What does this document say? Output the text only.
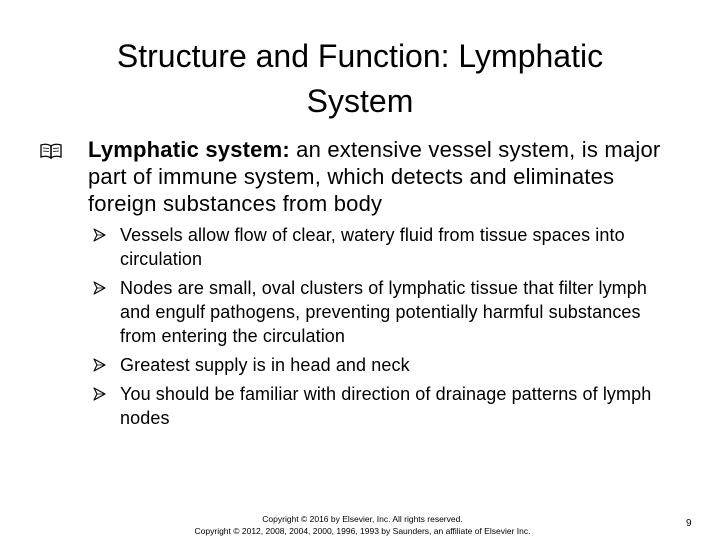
Structure and Function: Lymphatic System
Lymphatic system: an extensive vessel system, is major part of immune system, which detects and eliminates foreign substances from body
Vessels allow flow of clear, watery fluid from tissue spaces into circulation
Nodes are small, oval clusters of lymphatic tissue that filter lymph and engulf pathogens, preventing potentially harmful substances from entering the circulation
Greatest supply is in head and neck
You should be familiar with direction of drainage patterns of lymph nodes
Copyright © 2016 by Elsevier, Inc. All rights reserved.
Copyright © 2012, 2008, 2004, 2000, 1996, 1993 by Saunders, an affiliate of Elsevier Inc.
9
